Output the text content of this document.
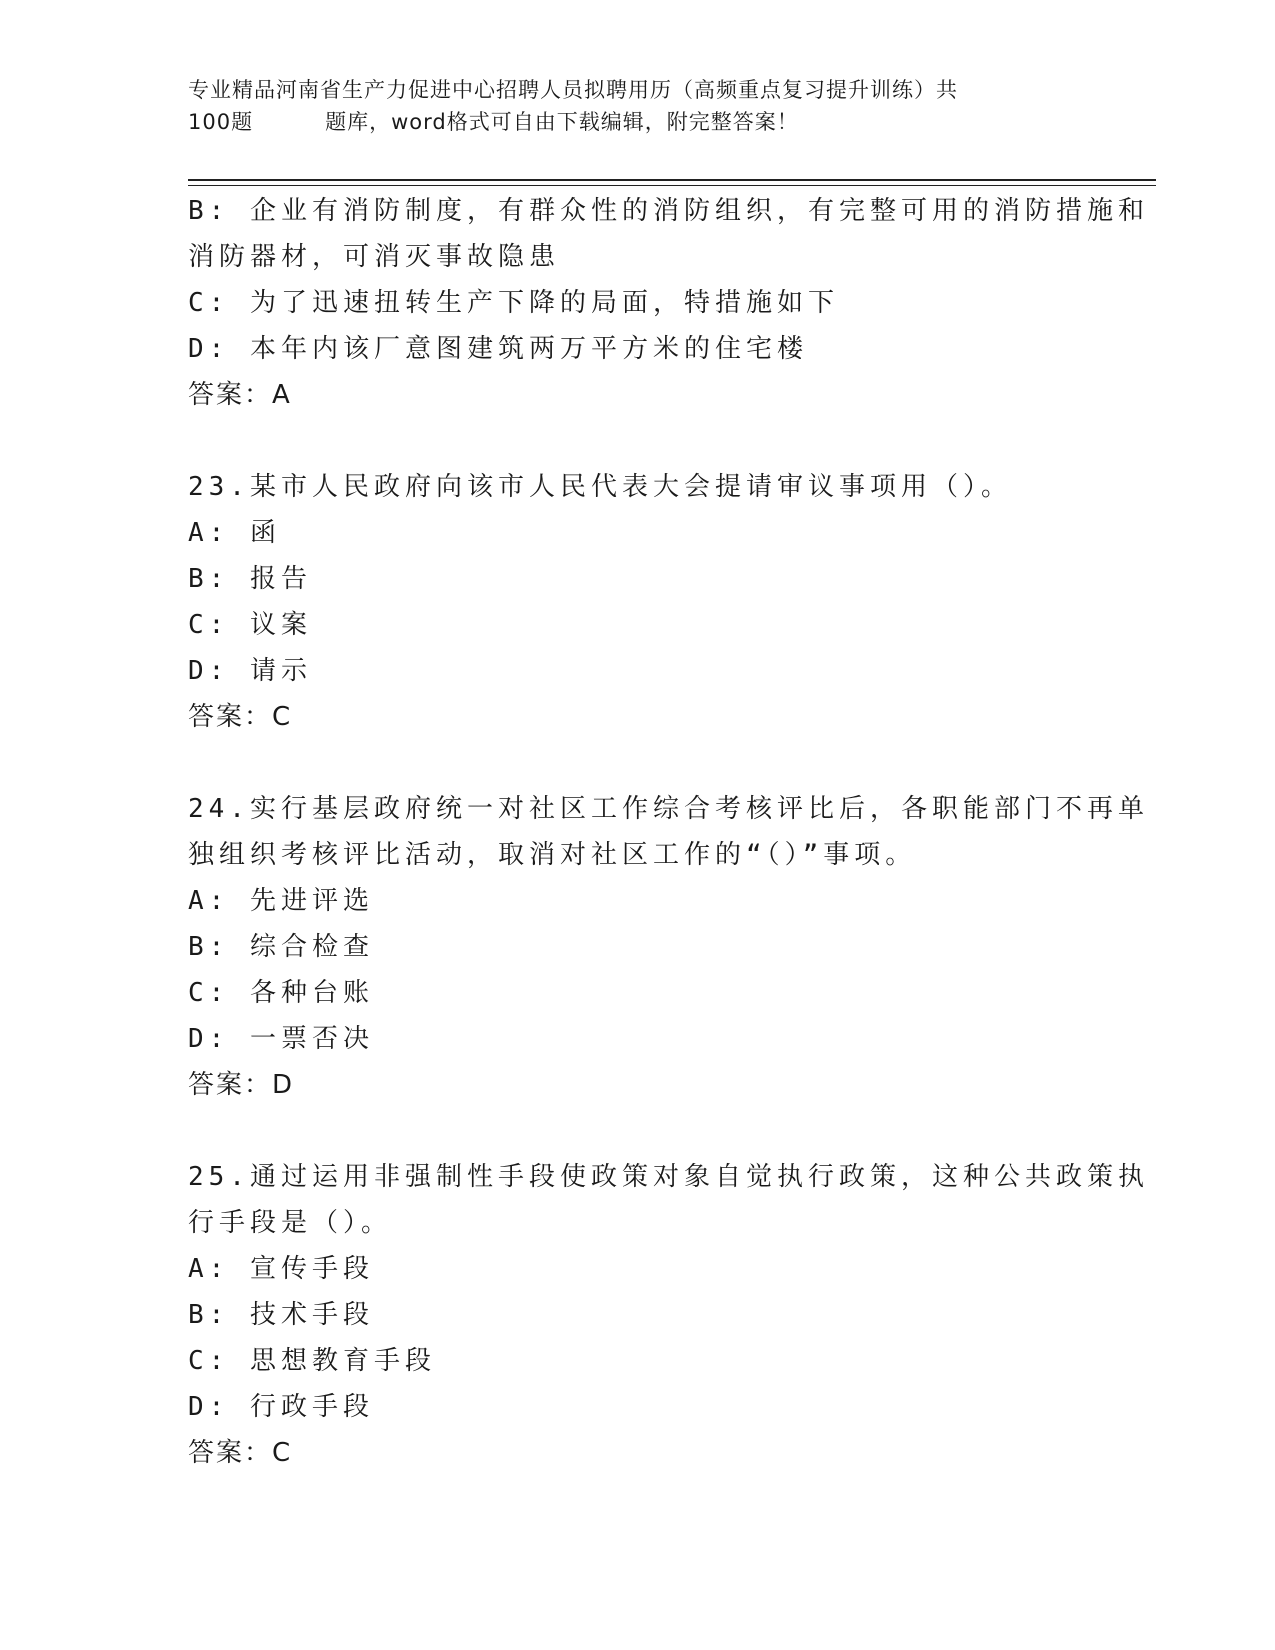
专业精品河南省生产力促进中心招聘人员拟聘用历（高频重点复习提升训练）共
100题	题库，word格式可自由下载编辑，附完整答案！
B: 企业有消防制度，有群众性的消防组织，有完整可用的消防措施和
消防器材，可消灭事故隐患
C: 为了迅速扭转生产下降的局面，特措施如下
D: 本年内该厂意图建筑两万平方米的住宅楼
答案：A
23.某市人民政府向该市人民代表大会提请审议事项用（）。
A: 函
B: 报告
C: 议案
D: 请示
答案：C
24.实行基层政府统一对社区工作综合考核评比后，各职能部门不再单
独组织考核评比活动，取消对社区工作的“（）”事项。
A: 先进评选
B: 综合检查
C: 各种台账
D: 一票否决
答案：D
25.通过运用非强制性手段使政策对象自觉执行政策，这种公共政策执
行手段是（）。
A: 宣传手段
B: 技术手段
C: 思想教育手段
D: 行政手段
答案：C
